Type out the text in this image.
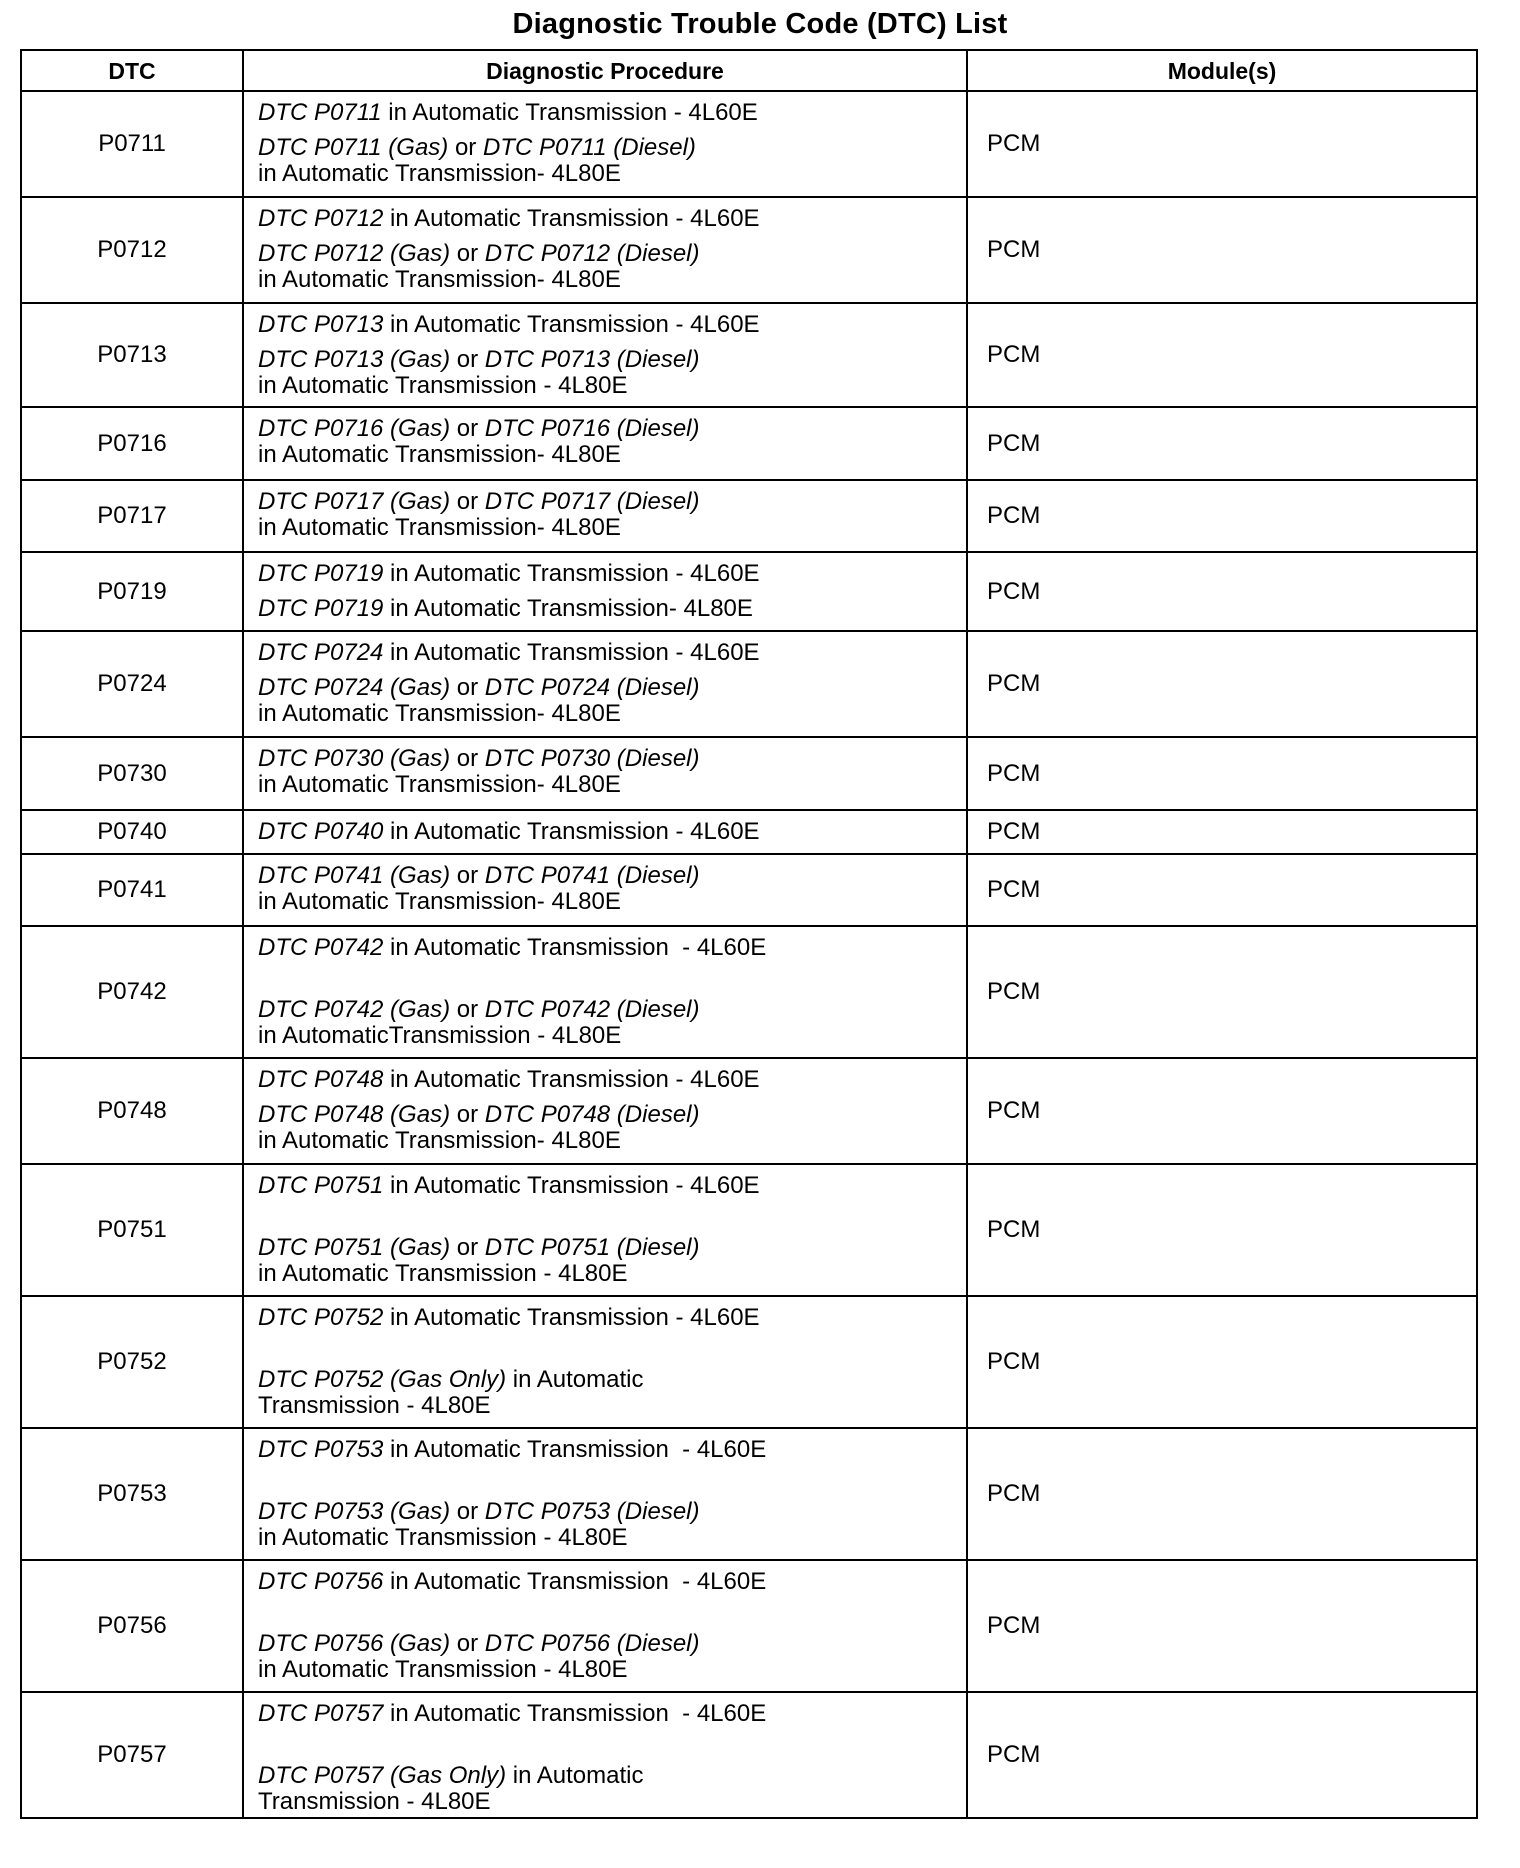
Diagnostic Trouble Code (DTC) List
DTC	Diagnostic Procedure	Module(s)
P0711	DTC P0711 in Automatic Transmission - 4L60E
DTC P0711 (Gas) or DTC P0711 (Diesel)
in Automatic Transmission- 4L80E	PCM
P0712	DTC P0712 in Automatic Transmission - 4L60E
DTC P0712 (Gas) or DTC P0712 (Diesel)
in Automatic Transmission- 4L80E	PCM
P0713	DTC P0713 in Automatic Transmission - 4L60E
DTC P0713 (Gas) or DTC P0713 (Diesel)
in Automatic Transmission - 4L80E	PCM
P0716	DTC P0716 (Gas) or DTC P0716 (Diesel)
in Automatic Transmission- 4L80E	PCM
P0717	DTC P0717 (Gas) or DTC P0717 (Diesel)
in Automatic Transmission- 4L80E	PCM
P0719	DTC P0719 in Automatic Transmission - 4L60E
DTC P0719 in Automatic Transmission- 4L80E	PCM
P0724	DTC P0724 in Automatic Transmission - 4L60E
DTC P0724 (Gas) or DTC P0724 (Diesel)
in Automatic Transmission- 4L80E	PCM
P0730	DTC P0730 (Gas) or DTC P0730 (Diesel)
in Automatic Transmission- 4L80E	PCM
P0740	DTC P0740 in Automatic Transmission - 4L60E	PCM
P0741	DTC P0741 (Gas) or DTC P0741 (Diesel)
in Automatic Transmission- 4L80E	PCM
P0742	DTC P0742 in Automatic Transmission  - 4L60E
DTC P0742 (Gas) or DTC P0742 (Diesel)
in AutomaticTransmission - 4L80E	PCM
P0748	DTC P0748 in Automatic Transmission - 4L60E
DTC P0748 (Gas) or DTC P0748 (Diesel)
in Automatic Transmission- 4L80E	PCM
P0751	DTC P0751 in Automatic Transmission - 4L60E
DTC P0751 (Gas) or DTC P0751 (Diesel)
in Automatic Transmission - 4L80E	PCM
P0752	DTC P0752 in Automatic Transmission - 4L60E
DTC P0752 (Gas Only) in Automatic
Transmission - 4L80E	PCM
P0753	DTC P0753 in Automatic Transmission  - 4L60E
DTC P0753 (Gas) or DTC P0753 (Diesel)
in Automatic Transmission - 4L80E	PCM
P0756	DTC P0756 in Automatic Transmission  - 4L60E
DTC P0756 (Gas) or DTC P0756 (Diesel)
in Automatic Transmission - 4L80E	PCM
P0757	DTC P0757 in Automatic Transmission  - 4L60E
DTC P0757 (Gas Only) in Automatic
Transmission - 4L80E	PCM
